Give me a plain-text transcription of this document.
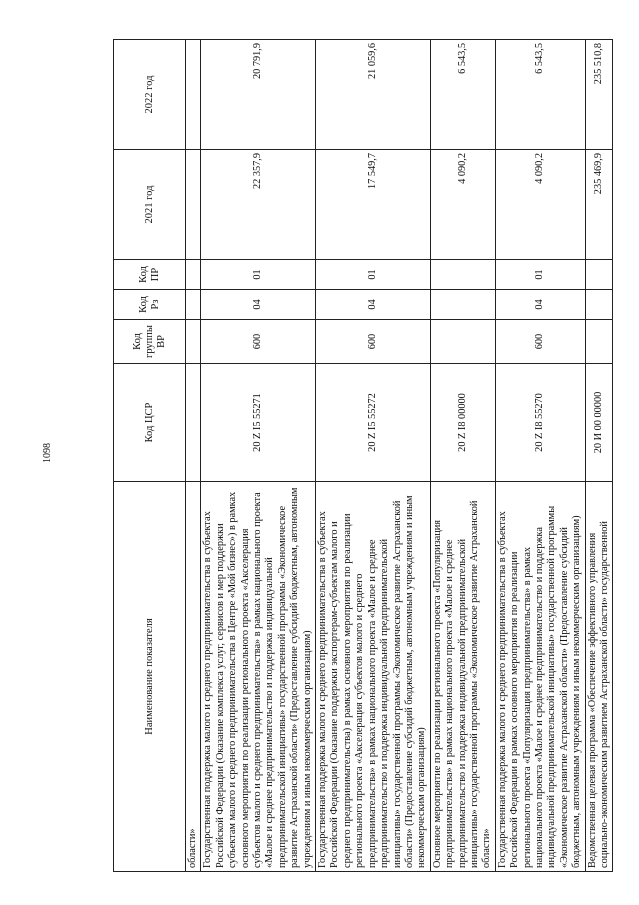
1098
Наименование показателя	Код ЦСР	Код группы ВР	Код Рз	Код ПР	2021 год	2022 год
области»						
Государственная поддержка малого и среднего предпринимательства в субъектах Российской Федерации (Оказание комплекса услуг, сервисов и мер поддержки субъектам малого и среднего предпринимательства в Центре «Мой бизнес») в рамках основного мероприятия по реализации регионального проекта «Акселерация субъектов малого и среднего предпринимательства» в рамках национального проекта «Малое и среднее предпринимательство и поддержка индивидуальной предпринимательской инициативы» государственной программы «Экономическое развитие Астраханской области» (Предоставление субсидий бюджетным, автономным учреждениям и иным некоммерческим организациям)	20 Z I5 55271	600	04	01	22 357,9	20 791,9
Государственная поддержка малого и среднего предпринимательства в субъектах Российской Федерации (Оказание поддержки экспортерам-субъектам малого и среднего предпринимательства) в рамках основного мероприятия по реализации регионального проекта «Акселерация субъектов малого и среднего предпринимательства» в рамках национального проекта «Малое и среднее предпринимательство и поддержка индивидуальной предпринимательской инициативы» государственной программы «Экономическое развитие Астраханской области» (Предоставление субсидий бюджетным, автономным учреждениям и иным некоммерческим организациям)	20 Z I5 55272	600	04	01	17 549,7	21 059,6
Основное мероприятие по реализации регионального проекта «Популяризация предпринимательства» в рамках национального проекта «Малое и среднее предпринимательство и поддержка индивидуальной предпринимательской инициативы» государственной программы «Экономическое развитие Астраханской области»	20 Z I8 00000				4 090,2	6 543,5
Государственная поддержка малого и среднего предпринимательства в субъектах Российской Федерации в рамках основного мероприятия по реализации регионального проекта «Популяризация предпринимательства» в рамках национального проекта «Малое и среднее предпринимательство и поддержка индивидуальной предпринимательской инициативы» государственной программы «Экономическое развитие Астраханской области» (Предоставление субсидий бюджетным, автономным учреждениям и иным некоммерческим организациям)	20 Z I8 55270	600	04	01	4 090,2	6 543,5
Ведомственная целевая программа «Обеспечение эффективного управления социально-экономическим развитием Астраханской области» государственной	20 И 00 00000				235 469,9	235 510,8
